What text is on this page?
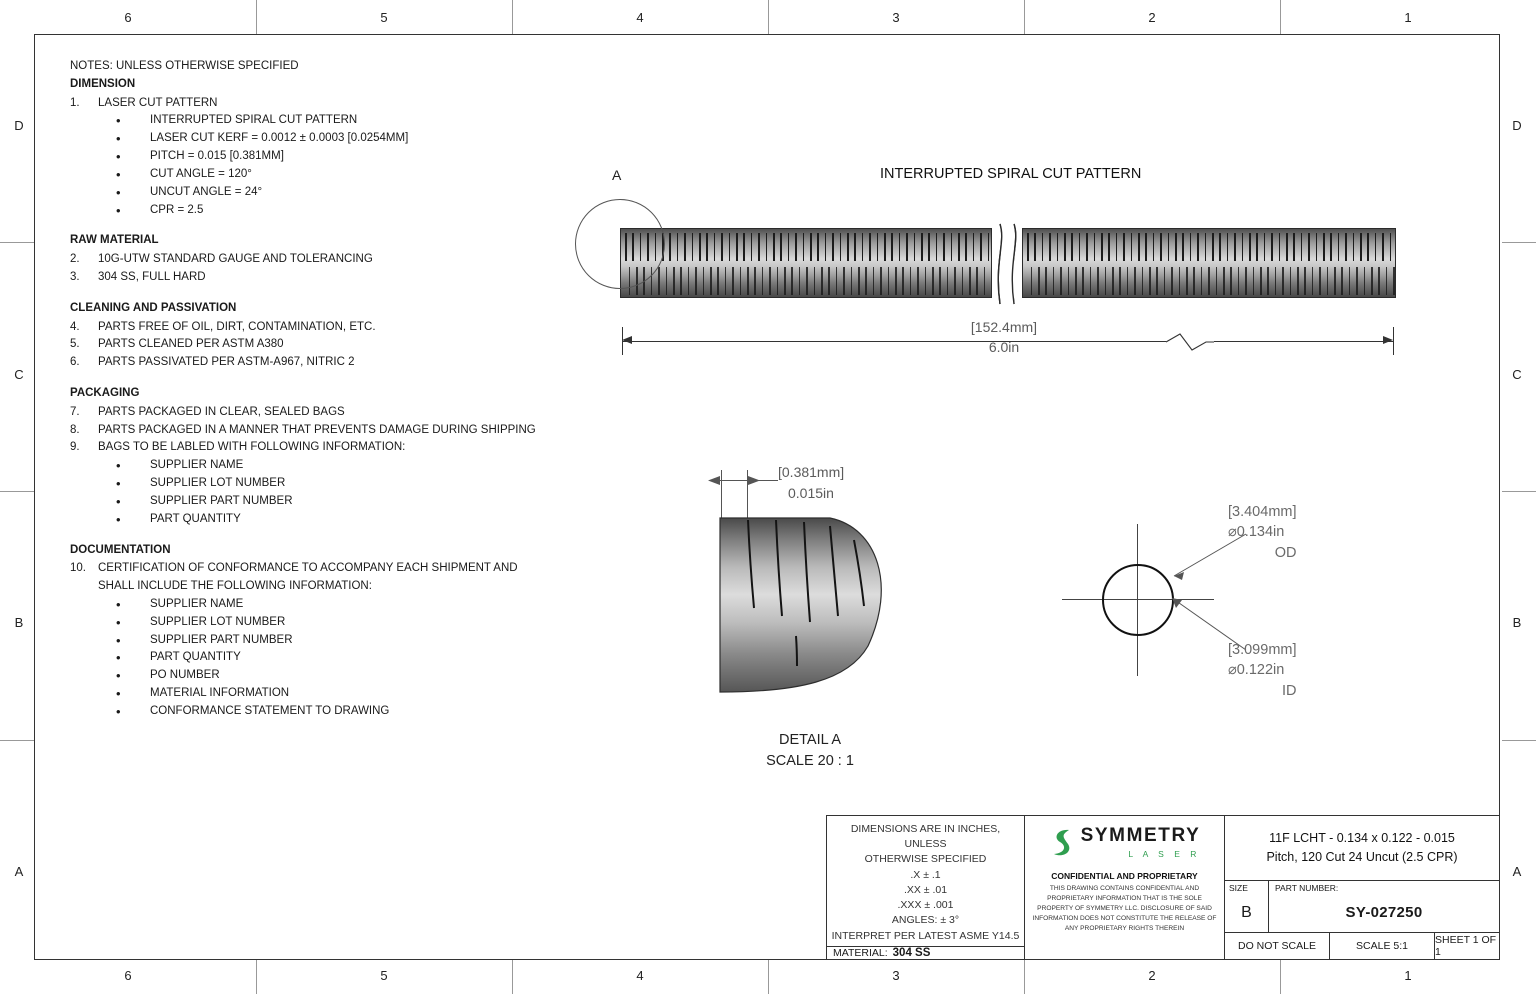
6	5	4	3	2	1
6	5	4	3	2	1
D
C
B
A
D
C
B
A
NOTES: UNLESS OTHERWISE SPECIFIED
DIMENSION
1.	LASER CUT PATTERN
• INTERRUPTED SPIRAL CUT PATTERN
• LASER CUT KERF = 0.0012 ± 0.0003 [0.0254MM]
• PITCH = 0.015 [0.381MM]
• CUT ANGLE = 120°
• UNCUT ANGLE = 24°
• CPR = 2.5
RAW MATERIAL
2.	10G-UTW STANDARD GAUGE AND TOLERANCING
3.	304 SS, FULL HARD
CLEANING AND PASSIVATION
4.	PARTS FREE OF OIL, DIRT, CONTAMINATION, ETC.
5.	PARTS CLEANED PER ASTM A380
6.	PARTS PASSIVATED PER ASTM-A967, NITRIC 2
PACKAGING
7.	PARTS PACKAGED IN CLEAR, SEALED BAGS
8.	PARTS PACKAGED IN A MANNER THAT PREVENTS DAMAGE DURING SHIPPING
9.	BAGS TO BE LABLED WITH FOLLOWING INFORMATION:
• SUPPLIER NAME
• SUPPLIER LOT NUMBER
• SUPPLIER PART NUMBER
• PART QUANTITY
DOCUMENTATION
10.	CERTIFICATION OF CONFORMANCE TO ACCOMPANY EACH SHIPMENT AND SHALL INCLUDE THE FOLLOWING INFORMATION:
• SUPPLIER NAME
• SUPPLIER LOT NUMBER
• SUPPLIER PART NUMBER
• PART QUANTITY
• PO NUMBER
• MATERIAL INFORMATION
• CONFORMANCE STATEMENT TO DRAWING
INTERRUPTED SPIRAL CUT PATTERN
A
[152.4mm]
6.0in
[0.381mm]
0.015in
DETAIL A
SCALE 20 : 1
[3.404mm]
⌀0.134in
OD
[3.099mm]
⌀0.122in
ID
DIMENSIONS ARE IN INCHES, UNLESS
OTHERWISE SPECIFIED
.X ± .1
.XX ± .01
.XXX ± .001
ANGLES: ± 3°
INTERPRET PER LATEST ASME Y14.5
MATERIAL: 304 SS
SYMMETRY
L A S E R
CONFIDENTIAL AND PROPRIETARY
THIS DRAWING CONTAINS CONFIDENTIAL AND PROPRIETARY INFORMATION THAT IS THE SOLE PROPERTY OF SYMMETRY LLC. DISCLOSURE OF SAID INFORMATION DOES NOT CONSTITUTE THE RELEASE OF ANY PROPRIETARY RIGHTS THEREIN
11F LCHT - 0.134 x 0.122 - 0.015
Pitch, 120 Cut 24 Uncut (2.5 CPR)
SIZE
B
PART NUMBER:
SY-027250
DO NOT SCALE	SCALE 5:1	SHEET 1 OF 1
